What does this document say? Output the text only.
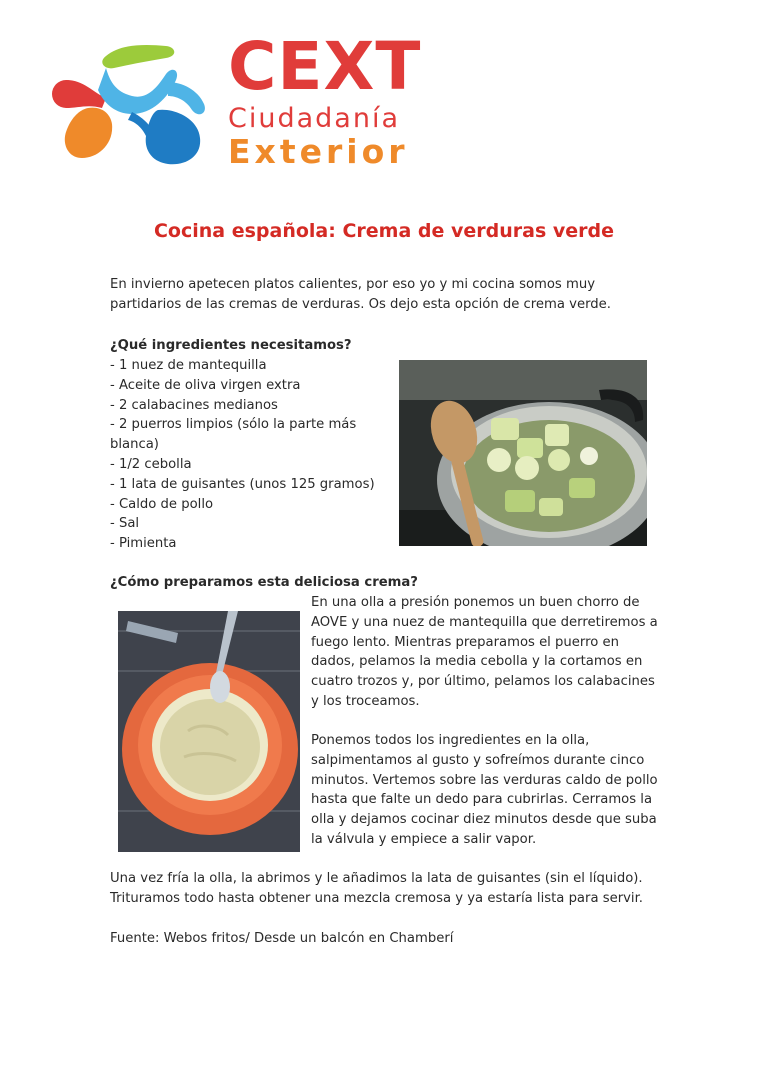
CEXT
Ciudadanía
Exterior
Cocina española: Crema de verduras verde

En invierno apetecen platos calientes, por eso yo y mi cocina somos muy partidarios de las cremas de verduras. Os dejo esta opción de crema verde.

¿Qué ingredientes necesitamos?

- 1 nuez de mantequilla
- Aceite de oliva virgen extra
- 2 calabacines medianos
- 2 puerros limpios (sólo la parte más blanca)
- 1/2 cebolla
- 1 lata de guisantes (unos 125 gramos)
- Caldo de pollo
- Sal
- Pimienta

¿Cómo preparamos esta deliciosa crema?

En una olla a presión ponemos un buen chorro de AOVE y una nuez de mantequilla que derretiremos a fuego lento. Mientras preparamos el puerro en dados, pelamos la media cebolla y la cortamos en cuatro trozos y, por último, pelamos los calabacines y los troceamos.

Ponemos todos los ingredientes en la olla, salpimentamos al gusto y sofreímos durante cinco minutos. Vertemos sobre las verduras caldo de pollo hasta que falte un dedo para cubrirlas. Cerramos la olla y dejamos cocinar diez minutos desde que suba la válvula y empiece a salir vapor.

Una vez fría la olla, la abrimos y le añadimos la lata de guisantes (sin el líquido). Trituramos todo hasta obtener una mezcla cremosa y ya estaría lista para servir.

Fuente: Webos fritos/ Desde un balcón en Chamberí
